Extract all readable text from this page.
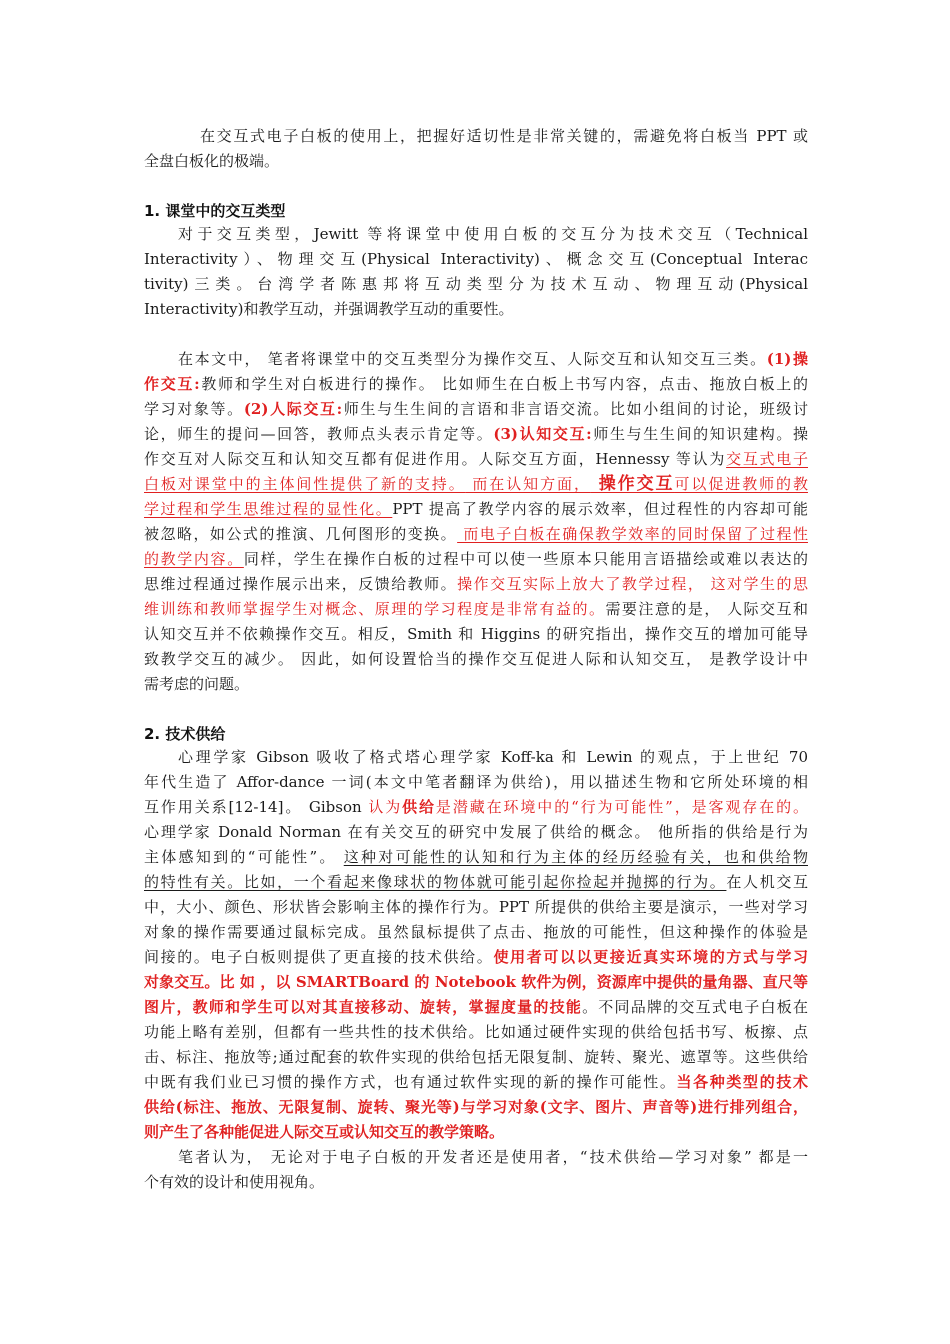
在交互式电子白板的使用上，把握好适切性是非常关键的，需避免将白板当 PPT 或
全盘白板化的极端。
1. 课堂中的交互类型
对于交互类型，Jewitt 等将课堂中使用白板的交互分为技术交互（Technical
Interactivity）、物理交互(Physical Interactivity)、概念交互(Conceptual Interac
tivity)三类。台湾学者陈惠邦将互动类型分为技术互动、物理互动(Physical
Interactivity)和教学互动，并强调教学互动的重要性。
在本文中， 笔者将课堂中的交互类型分为操作交互、人际交互和认知交互三类。(1)操
作交互:教师和学生对白板进行的操作。 比如师生在白板上书写内容，点击、拖放白板上的
学习对象等。(2)人际交互:师生与生生间的言语和非言语交流。比如小组间的讨论，班级讨
论，师生的提问—回答，教师点头表示肯定等。(3)认知交互:师生与生生间的知识建构。操
作交互对人际交互和认知交互都有促进作用。人际交互方面，Hennessy 等认为交互式电子
白板对课堂中的主体间性提供了新的支持。 而在认知方面， 操作交互可以促进教师的教
学过程和学生思维过程的显性化。PPT 提高了教学内容的展示效率，但过程性的内容却可能
被忽略，如公式的推演、几何图形的变换。 而电子白板在确保教学效率的同时保留了过程性
的教学内容。同样，学生在操作白板的过程中可以使一些原本只能用言语描绘或难以表达的
思维过程通过操作展示出来，反馈给教师。操作交互实际上放大了教学过程， 这对学生的思
维训练和教师掌握学生对概念、原理的学习程度是非常有益的。需要注意的是， 人际交互和
认知交互并不依赖操作交互。相反，Smith 和 Higgins 的研究指出，操作交互的增加可能导
致教学交互的减少。 因此，如何设置恰当的操作交互促进人际和认知交互， 是教学设计中
需考虑的问题。
2. 技术供给
心理学家 Gibson 吸收了格式塔心理学家 Koff-ka 和 Lewin 的观点，于上世纪 70
年代生造了 Affor-dance 一词(本文中笔者翻译为供给)，用以描述生物和它所处环境的相
互作用关系[12-14]。 Gibson 认为供给是潜藏在环境中的“行为可能性”，是客观存在的。
心理学家 Donald Norman 在有关交互的研究中发展了供给的概念。 他所指的供给是行为
主体感知到的“可能性”。 这种对可能性的认知和行为主体的经历经验有关，也和供给物
的特性有关。比如，一个看起来像球状的物体就可能引起你捡起并抛掷的行为。在人机交互
中，大小、颜色、形状皆会影响主体的操作行为。PPT 所提供的供给主要是演示，一些对学习
对象的操作需要通过鼠标完成。虽然鼠标提供了点击、拖放的可能性，但这种操作的体验是
间接的。电子白板则提供了更直接的技术供给。使用者可以以更接近真实环境的方式与学习
对象交互。比 如 ，以 SMARTBoard 的 Notebook 软件为例，资源库中提供的量角器、直尺等
图片，教师和学生可以对其直接移动、旋转，掌握度量的技能。不同品牌的交互式电子白板在
功能上略有差别，但都有一些共性的技术供给。比如通过硬件实现的供给包括书写、板擦、点
击、标注、拖放等;通过配套的软件实现的供给包括无限复制、旋转、聚光、遮罩等。这些供给
中既有我们业已习惯的操作方式，也有通过软件实现的新的操作可能性。当各种类型的技术
供给(标注、拖放、无限复制、旋转、聚光等)与学习对象(文字、图片、声音等)进行排列组合，
则产生了各种能促进人际交互或认知交互的教学策略。
笔者认为， 无论对于电子白板的开发者还是使用者，“技术供给—学习对象” 都是一
个有效的设计和使用视角。
